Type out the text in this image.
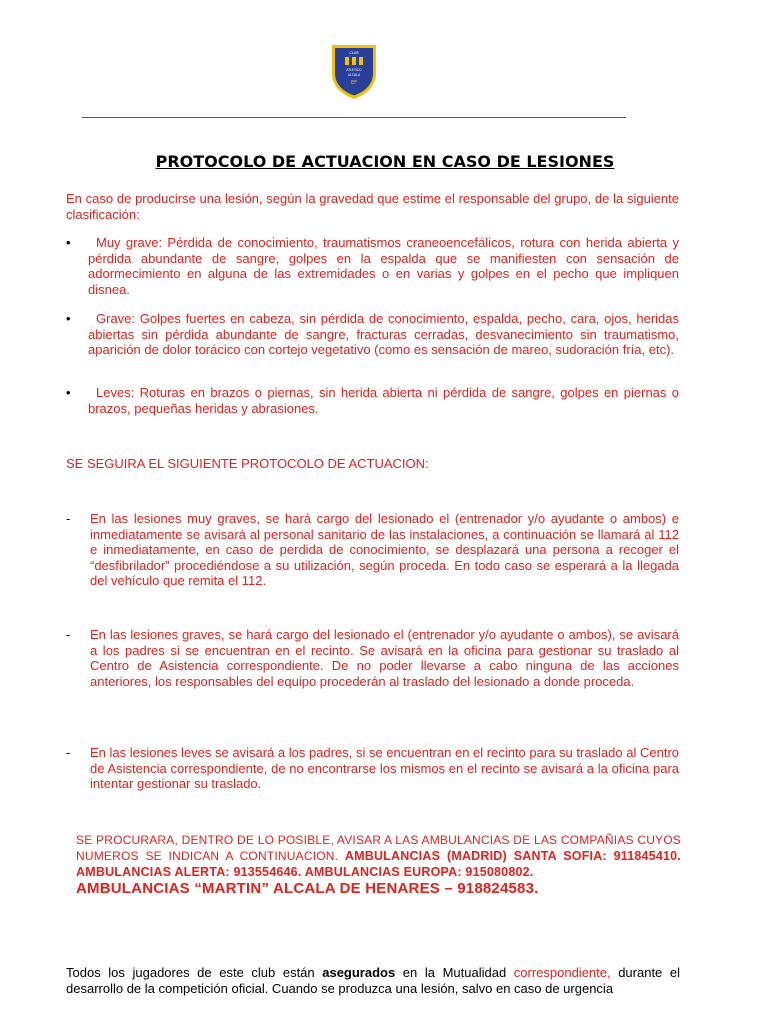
CLUB
ATLETICO
ALCALA
EF
PROTOCOLO DE ACTUACION EN CASO DE LESIONES
En caso de producirse una lesión, según la gravedad que estime el responsable del grupo, de la siguiente clasificación:
•	Muy grave: Pérdida de conocimiento, traumatismos craneoencefálicos, rotura con herida abierta y pérdida abundante de sangre, golpes en la espalda que se manifiesten con sensación de adormecimiento en alguna de las extremidades o en varias y golpes en el pecho que impliquen disnea.
•	Grave: Golpes fuertes en cabeza, sin pérdida de conocimiento, espalda, pecho, cara, ojos, heridas abiertas sin pérdida abundante de sangre, fracturas cerradas, desvanecimiento sin traumatismo, aparición de dolor torácico con cortejo vegetativo (como es sensación de mareo, sudoración fría, etc).
•	Leves: Roturas en brazos o piernas, sin herida abierta ni pérdida de sangre, golpes en piernas o brazos, pequeñas heridas y abrasiones.
SE SEGUIRA EL SIGUIENTE PROTOCOLO DE ACTUACION:
- En las lesiones muy graves, se hará cargo del lesionado el (entrenador y/o ayudante o ambos) e inmediatamente se avisará al personal sanitario de las instalaciones, a continuación se llamará al 112 e inmediatamente, en caso de perdida de conocimiento, se desplazará una persona a recoger el “desfibrilador” procediéndose a su utilización, según proceda. En todo caso se esperará a la llegada del vehículo que remita el 112.
- En las lesiones graves, se hará cargo del lesionado el (entrenador y/o ayudante o ambos), se avisará a los padres si se encuentran en el recinto. Se avisará en la oficina para gestionar su traslado al Centro de Asistencia correspondiente. De no poder llevarse a cabo ninguna de las acciones anteriores, los responsables del equipo procederán al traslado del lesionado a donde proceda.
- En las lesiones leves se avisará a los padres, si se encuentran en el recinto para su traslado al Centro de Asistencia correspondiente, de no encontrarse los mismos en el recinto se avisará a la oficina para intentar gestionar su traslado.
SE PROCURARA, DENTRO DE LO POSIBLE, AVISAR A LAS AMBULANCIAS DE LAS COMPAÑIAS CUYOS NUMEROS SE INDICAN A CONTINUACION. AMBULANCIAS (MADRID) SANTA SOFIA: 911845410. AMBULANCIAS ALERTA: 913554646. AMBULANCIAS EUROPA: 915080802.
AMBULANCIAS “MARTIN” ALCALA DE HENARES – 918824583.
Todos los jugadores de este club están asegurados en la Mutualidad correspondiente, durante el desarrollo de la competición oficial. Cuando se produzca una lesión, salvo en caso de urgencia
